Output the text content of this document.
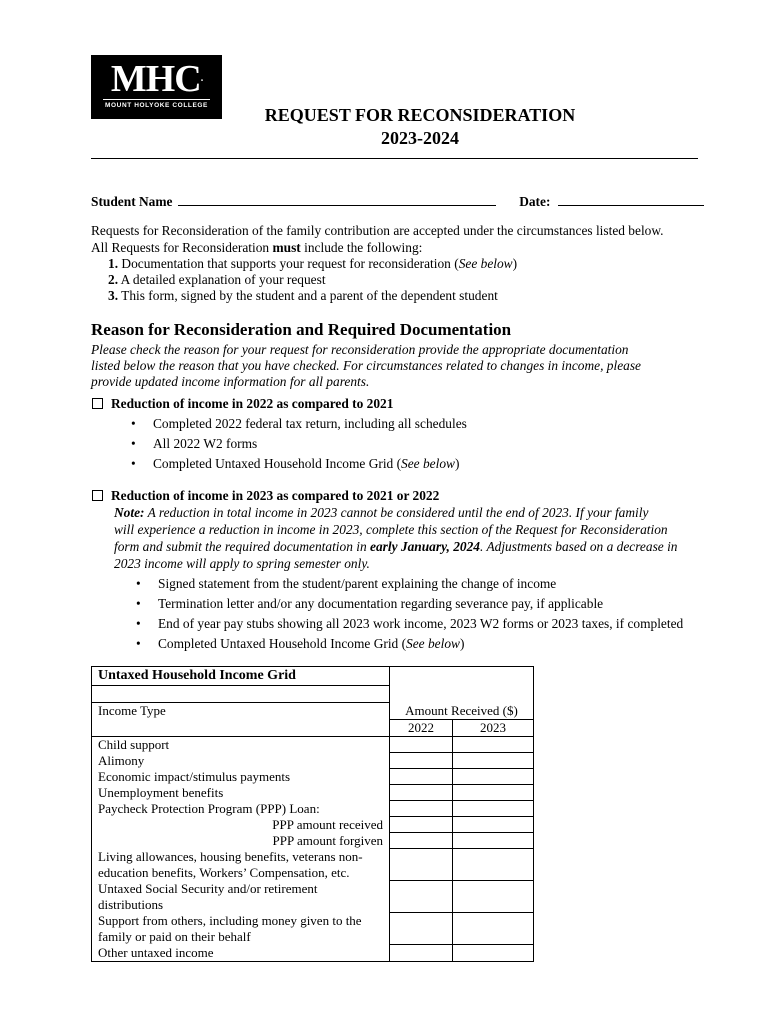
MHC.
MOUNT HOLYOKE COLLEGE	REQUEST FOR RECONSIDERATION
2023-2024
Student Name	Date:
Requests for Reconsideration of the family contribution are accepted under the circumstances listed below.
All Requests for Reconsideration must include the following:
1. Documentation that supports your request for reconsideration (See below)
2. A detailed explanation of your request
3. This form, signed by the student and a parent of the dependent student
Reason for Reconsideration and Required Documentation
Please check the reason for your request for reconsideration provide the appropriate documentation
listed below the reason that you have checked. For circumstances related to changes in income, please
provide updated income information for all parents.
Reduction of income in 2022 as compared to 2021
• Completed 2022 federal tax return, including all schedules
• All 2022 W2 forms
• Completed Untaxed Household Income Grid (See below)
Reduction of income in 2023 as compared to 2021 or 2022
Note: A reduction in total income in 2023 cannot be considered until the end of 2023. If your family
will experience a reduction in income in 2023, complete this section of the Request for Reconsideration
form and submit the required documentation in early January, 2024. Adjustments based on a decrease in
2023 income will apply to spring semester only.
• Signed statement from the student/parent explaining the change of income
• Termination letter and/or any documentation regarding severance pay, if applicable
• End of year pay stubs showing all 2023 work income, 2023 W2 forms or 2023 taxes, if completed
• Completed Untaxed Household Income Grid (See below)
Untaxed Household Income Grid		

Income Type	Amount Received ($)	
	2022	2023
Child support		
Alimony		
Economic impact/stimulus payments		
Unemployment benefits		
Paycheck Protection Program (PPP) Loan:		
PPP amount received		
PPP amount forgiven		

Living allowances, housing benefits, veterans non-
education benefits, Workers’ Compensation, etc.		

Untaxed Social Security and/or retirement
distributions		

Support from others, including money given to the
family or paid on their behalf		

Other untaxed income		
